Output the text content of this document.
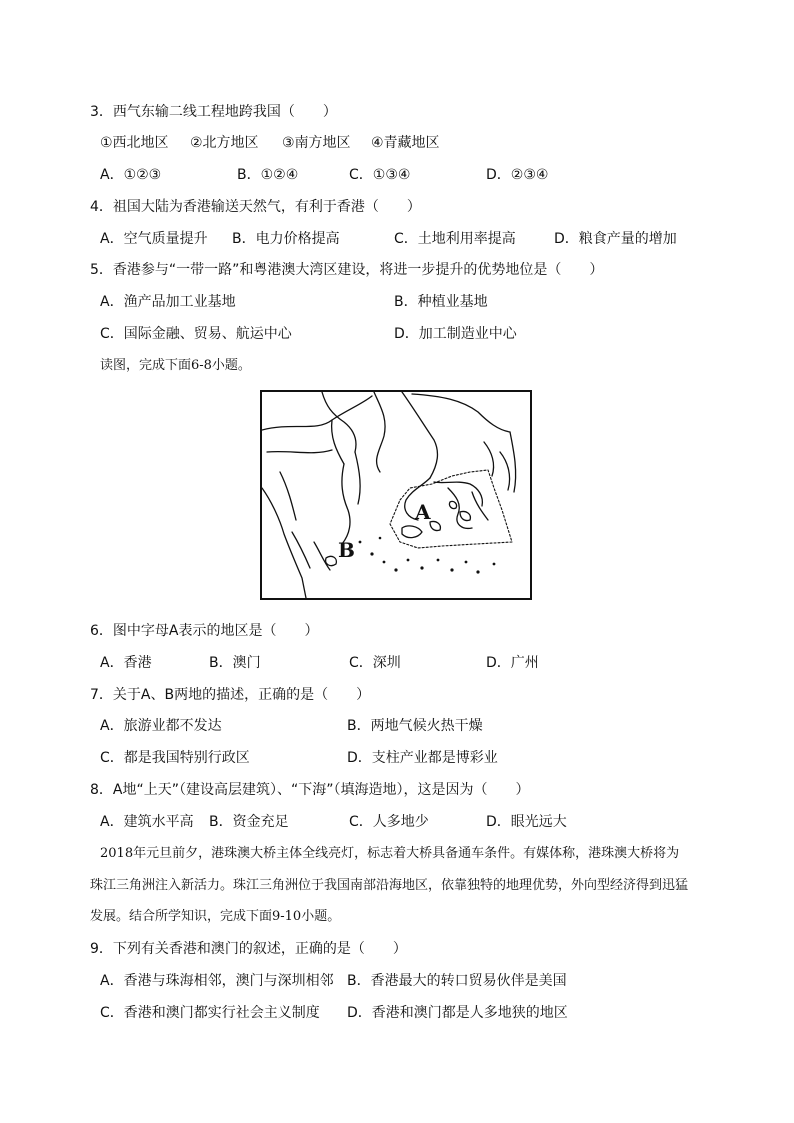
3．西气东输二线工程地跨我国（　　）
①西北地区 ②北方地区 ③南方地区 ④青藏地区
A．①②③	B．①②④	C．①③④	D．②③④
4．祖国大陆为香港输送天然气，有利于香港（　　）
A．空气质量提升 B．电力价格提高	C．土地利用率提高	D．粮食产量的增加
5．香港参与“一带一路”和粤港澳大湾区建设，将进一步提升的优势地位是（　　）
A．渔产品加工业基地	B．种植业基地
C．国际金融、贸易、航运中心	D．加工制造业中心
读图，完成下面6-8小题。
A
B
6．图中字母A表示的地区是（　　）
A．香港	B．澳门	C．深圳	D．广州
7．关于A、B两地的描述，正确的是（　　）
A．旅游业都不发达	B．两地气候火热干燥
C．都是我国特别行政区	D．支柱产业都是博彩业
8．A地“上天”（建设高层建筑）、“下海”（填海造地），这是因为（　　）
A．建筑水平高 B．资金充足	C．人多地少	D．眼光远大
2018年元旦前夕，港珠澳大桥主体全线亮灯，标志着大桥具备通车条件。有媒体称，港珠澳大桥将为
珠江三角洲注入新活力。珠江三角洲位于我国南部沿海地区，依靠独特的地理优势，外向型经济得到迅猛
发展。结合所学知识，完成下面9-10小题。
9．下列有关香港和澳门的叙述，正确的是（　　）
A．香港与珠海相邻，澳门与深圳相邻 B．香港最大的转口贸易伙伴是美国
C．香港和澳门都实行社会主义制度 D．香港和澳门都是人多地狭的地区
